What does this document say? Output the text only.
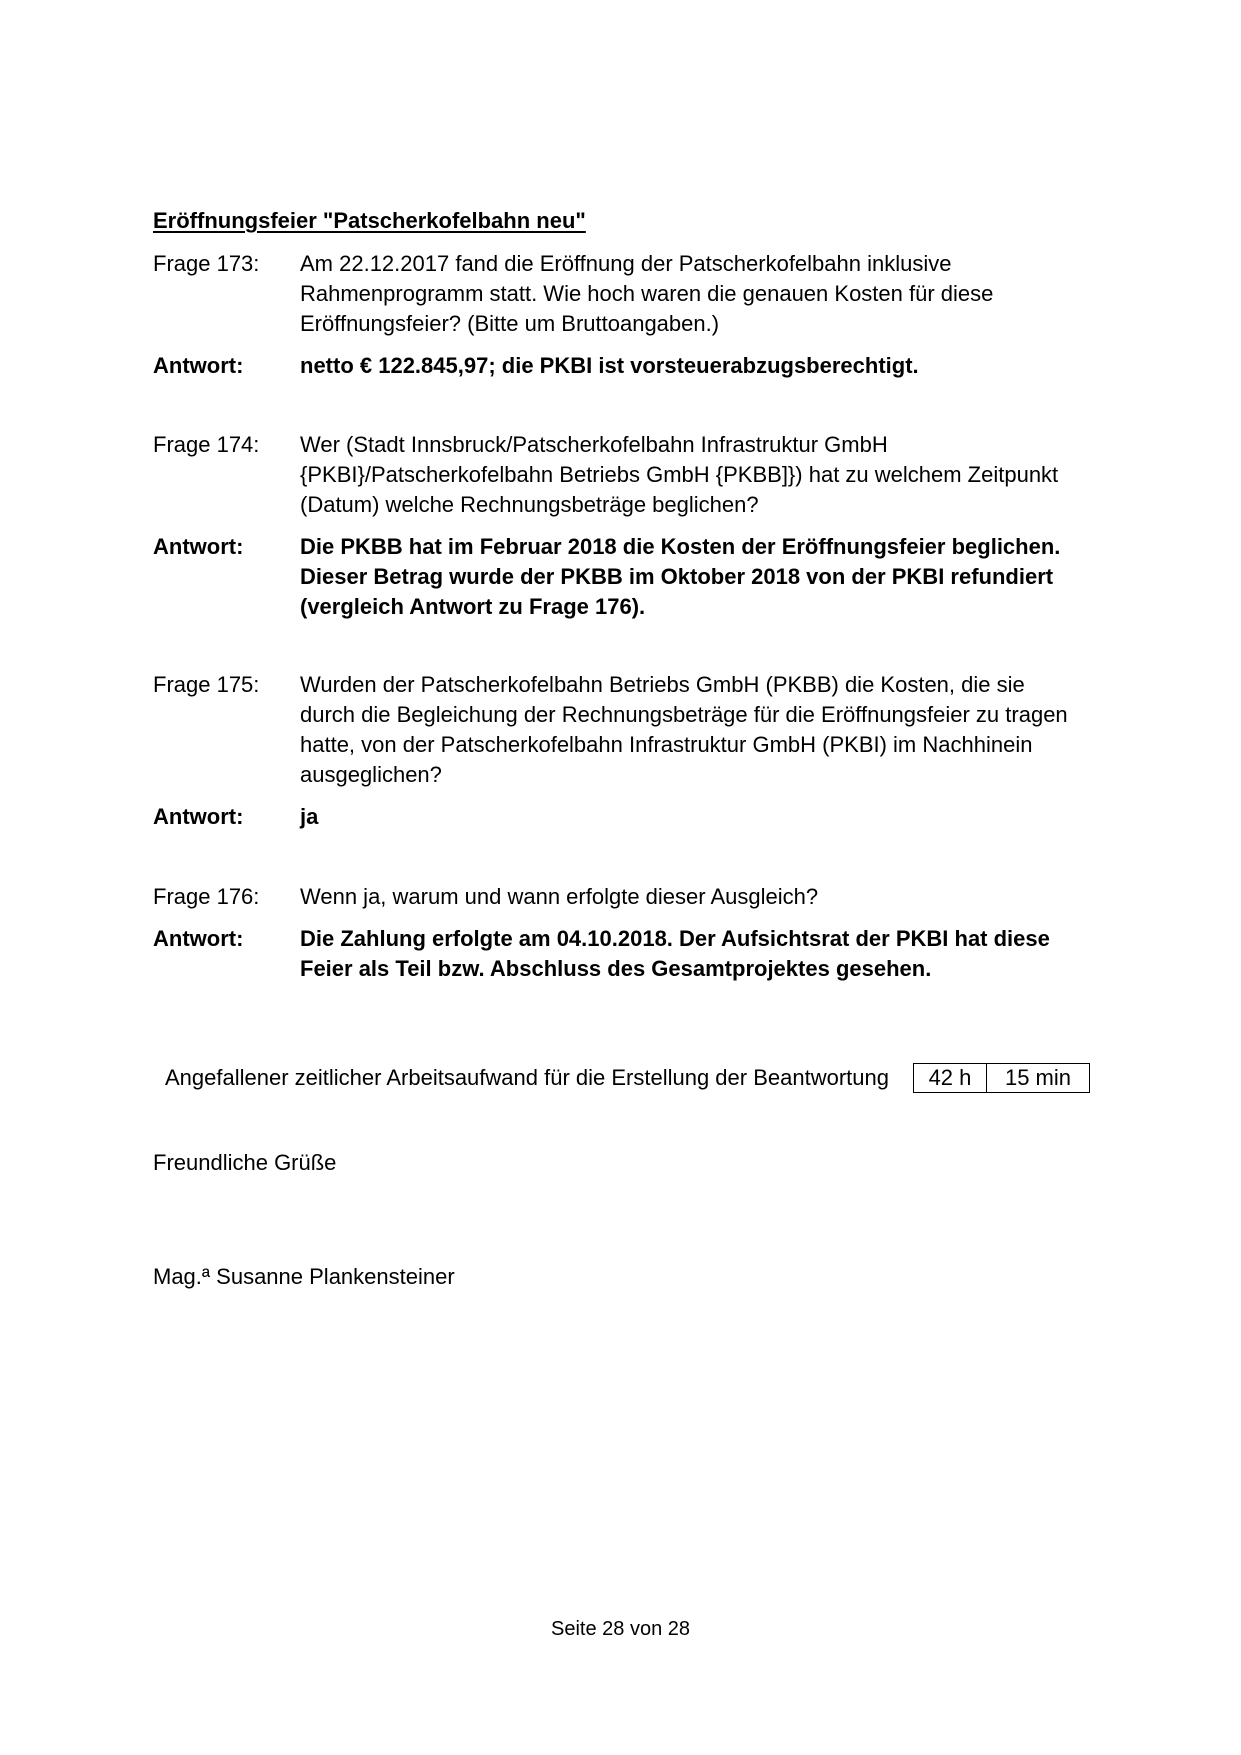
Eröffnungsfeier "Patscherkofelbahn neu"
Frage 173:	Am 22.12.2017 fand die Eröffnung der Patscherkofelbahn inklusive Rahmenprogramm statt. Wie hoch waren die genauen Kosten für diese Eröffnungsfeier? (Bitte um Bruttoangaben.)
Antwort:	netto € 122.845,97; die PKBI ist vorsteuerabzugsberechtigt.
Frage 174:	Wer (Stadt Innsbruck/Patscherkofelbahn Infrastruktur GmbH {PKBI}/Patscherkofelbahn Betriebs GmbH {PKBB]}) hat zu welchem Zeitpunkt (Datum) welche Rechnungsbeträge beglichen?
Antwort:	Die PKBB hat im Februar 2018 die Kosten der Eröffnungsfeier beglichen. Dieser Betrag wurde der PKBB im Oktober 2018 von der PKBI refundiert (vergleich Antwort zu Frage 176).
Frage 175:	Wurden der Patscherkofelbahn Betriebs GmbH (PKBB) die Kosten, die sie durch die Begleichung der Rechnungsbeträge für die Eröffnungsfeier zu tragen hatte, von der Patscherkofelbahn Infrastruktur GmbH (PKBI) im Nachhinein ausgeglichen?
Antwort:	ja
Frage 176:	Wenn ja, warum und wann erfolgte dieser Ausgleich?
Antwort:	Die Zahlung erfolgte am 04.10.2018. Der Aufsichtsrat der PKBI hat diese Feier als Teil bzw. Abschluss des Gesamtprojektes gesehen.
Angefallener zeitlicher Arbeitsaufwand für die Erstellung der Beantwortung	42 h	15 min
Freundliche Grüße
Mag.ª Susanne Plankensteiner
Seite 28 von 28
